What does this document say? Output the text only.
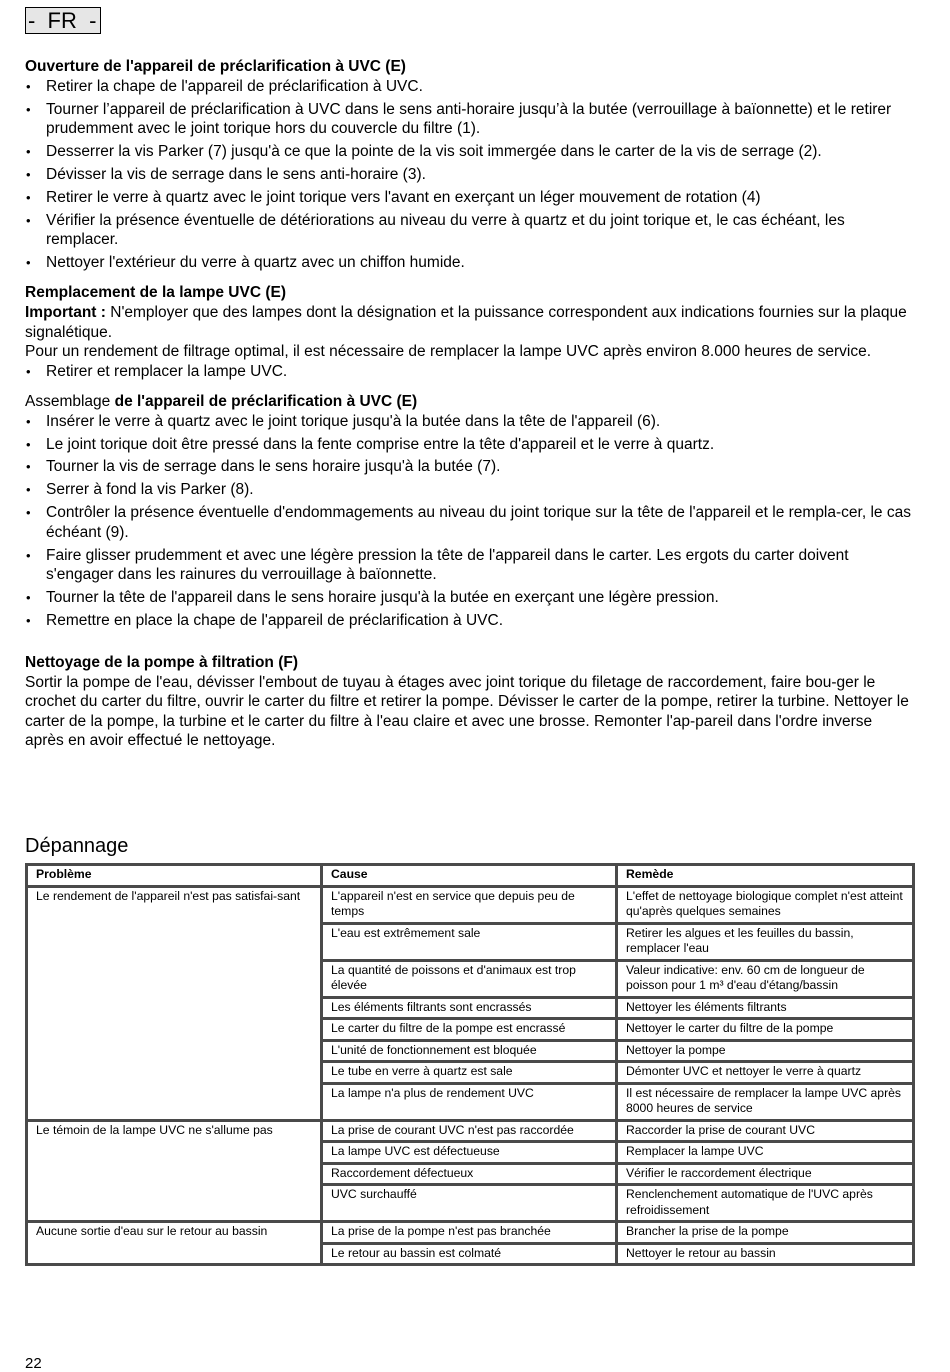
-  FR  -
Ouverture de l'appareil de préclarification à UVC (E)
• Retirer la chape de l'appareil de préclarification à UVC.
• Tourner l’appareil de préclarification à UVC dans le sens anti-horaire jusqu’à la butée (verrouillage à baïonnette) et le retirer prudemment avec le joint torique hors du couvercle du filtre (1).
• Desserrer la vis Parker (7) jusqu'à ce que la pointe de la vis soit immergée dans le carter de la vis de serrage (2).
• Dévisser la vis de serrage dans le sens anti-horaire (3).
• Retirer le verre à quartz avec le joint torique vers l'avant en exerçant un léger mouvement de rotation (4)
• Vérifier la présence éventuelle de détériorations au niveau du verre à quartz et du joint torique et, le cas échéant, les remplacer.
• Nettoyer l'extérieur du verre à quartz avec un chiffon humide.
Remplacement de la lampe UVC (E)

Important : N'employer que des lampes dont la désignation et la puissance correspondent aux indications fournies sur la plaque signalétique.

Pour un rendement de filtrage optimal, il est nécessaire de remplacer la lampe UVC après environ 8.000 heures de service.

• Retirer et remplacer la lampe UVC.
Assemblage de l'appareil de préclarification à UVC (E)
• Insérer le verre à quartz avec le joint torique jusqu'à la butée dans la tête de l'appareil (6).
• Le joint torique doit être pressé dans la fente comprise entre la tête d'appareil et le verre à quartz.
• Tourner la vis de serrage dans le sens horaire jusqu'à la butée (7).
• Serrer à fond la vis Parker (8).
• Contrôler la présence éventuelle d'endommagements au niveau du joint torique sur la tête de l'appareil et le rempla-cer, le cas échéant (9).
• Faire glisser prudemment et avec une légère pression la tête de l'appareil dans le carter. Les ergots du carter doivent s'engager dans les rainures du verrouillage à baïonnette.
• Tourner la tête de l'appareil dans le sens horaire jusqu'à la butée en exerçant une légère pression.
• Remettre en place la chape de l'appareil de préclarification à UVC.
Nettoyage de la pompe à filtration (F)

Sortir la pompe de l'eau, dévisser l'embout de tuyau à étages avec joint torique du filetage de raccordement, faire bou-ger le crochet du carter du filtre, ouvrir le carter du filtre et retirer la pompe. Dévisser le carter de la pompe, retirer la turbine. Nettoyer le carter de la pompe, la turbine et le carter du filtre à l'eau claire et avec une brosse. Remonter l'ap-pareil dans l'ordre inverse après en avoir effectué le nettoyage.

Dépannage
Problème	Cause	Remède
Le rendement de l'appareil n'est pas satisfai-sant	L'appareil n'est en service que depuis peu de temps	L'effet de nettoyage biologique complet n'est atteint qu'après quelques semaines
	L'eau est extrêmement sale	Retirer les algues et les feuilles du bassin, remplacer l'eau
	La quantité de poissons et d'animaux est trop élevée	Valeur indicative: env. 60 cm de longueur de poisson pour 1 m³ d'eau d'étang/bassin
	Les éléments filtrants sont encrassés	Nettoyer les éléments filtrants
	Le carter du filtre de la pompe est encrassé	Nettoyer le carter du filtre de la pompe
	L'unité de fonctionnement est bloquée	Nettoyer la pompe
	Le tube en verre à quartz est sale	Démonter UVC et nettoyer le verre à quartz
	La lampe n'a plus de rendement UVC	Il est nécessaire de remplacer la lampe UVC après 8000 heures de service
Le témoin de la lampe UVC ne s'allume pas	La prise de courant UVC n'est pas raccordée	Raccorder la prise de courant UVC
	La lampe UVC est défectueuse	Remplacer la lampe UVC
	Raccordement défectueux	Vérifier le raccordement électrique
	UVC surchauffé	Renclenchement automatique de l'UVC après refroidissement
Aucune sortie d'eau sur le retour au bassin	La prise de la pompe n'est pas branchée	Brancher la prise de la pompe
	Le retour au bassin est colmaté	Nettoyer le retour au bassin
22
